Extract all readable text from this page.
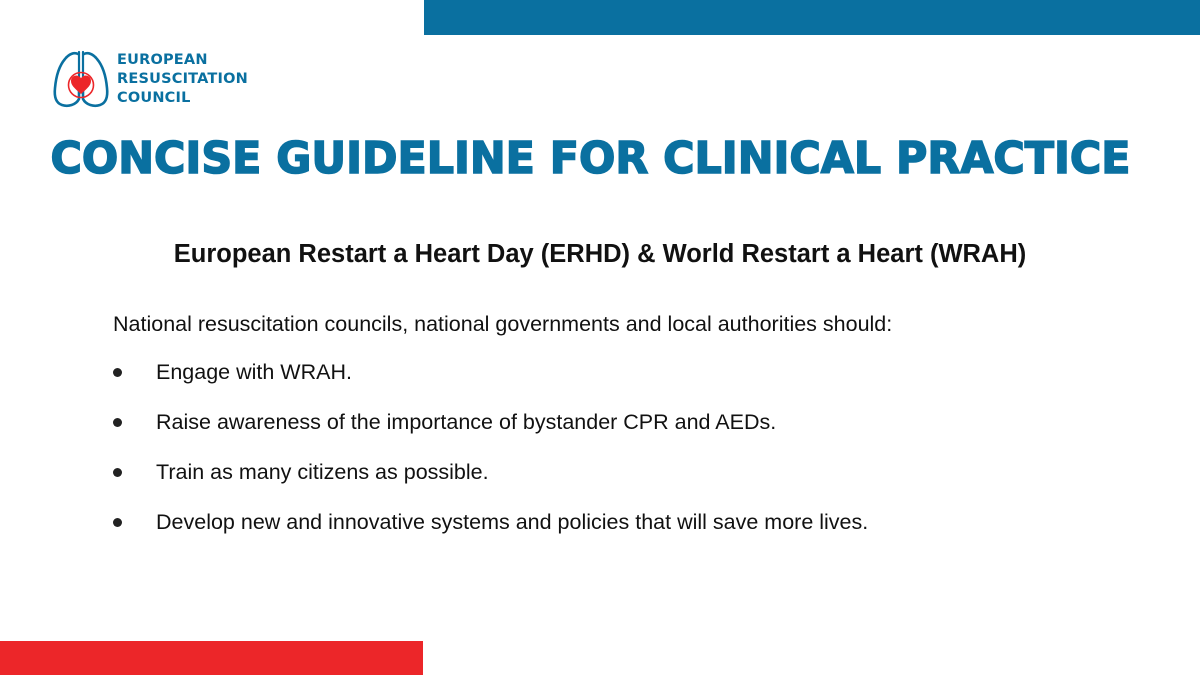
EUROPEAN
RESUSCITATION
COUNCIL
CONCISE GUIDELINE FOR CLINICAL PRACTICE
European Restart a Heart Day (ERHD) & World Restart a Heart (WRAH)

National resuscitation councils, national governments and local authorities should:

Engage with WRAH.
Raise awareness of the importance of bystander CPR and AEDs.
Train as many citizens as possible.
Develop new and innovative systems and policies that will save more lives.
